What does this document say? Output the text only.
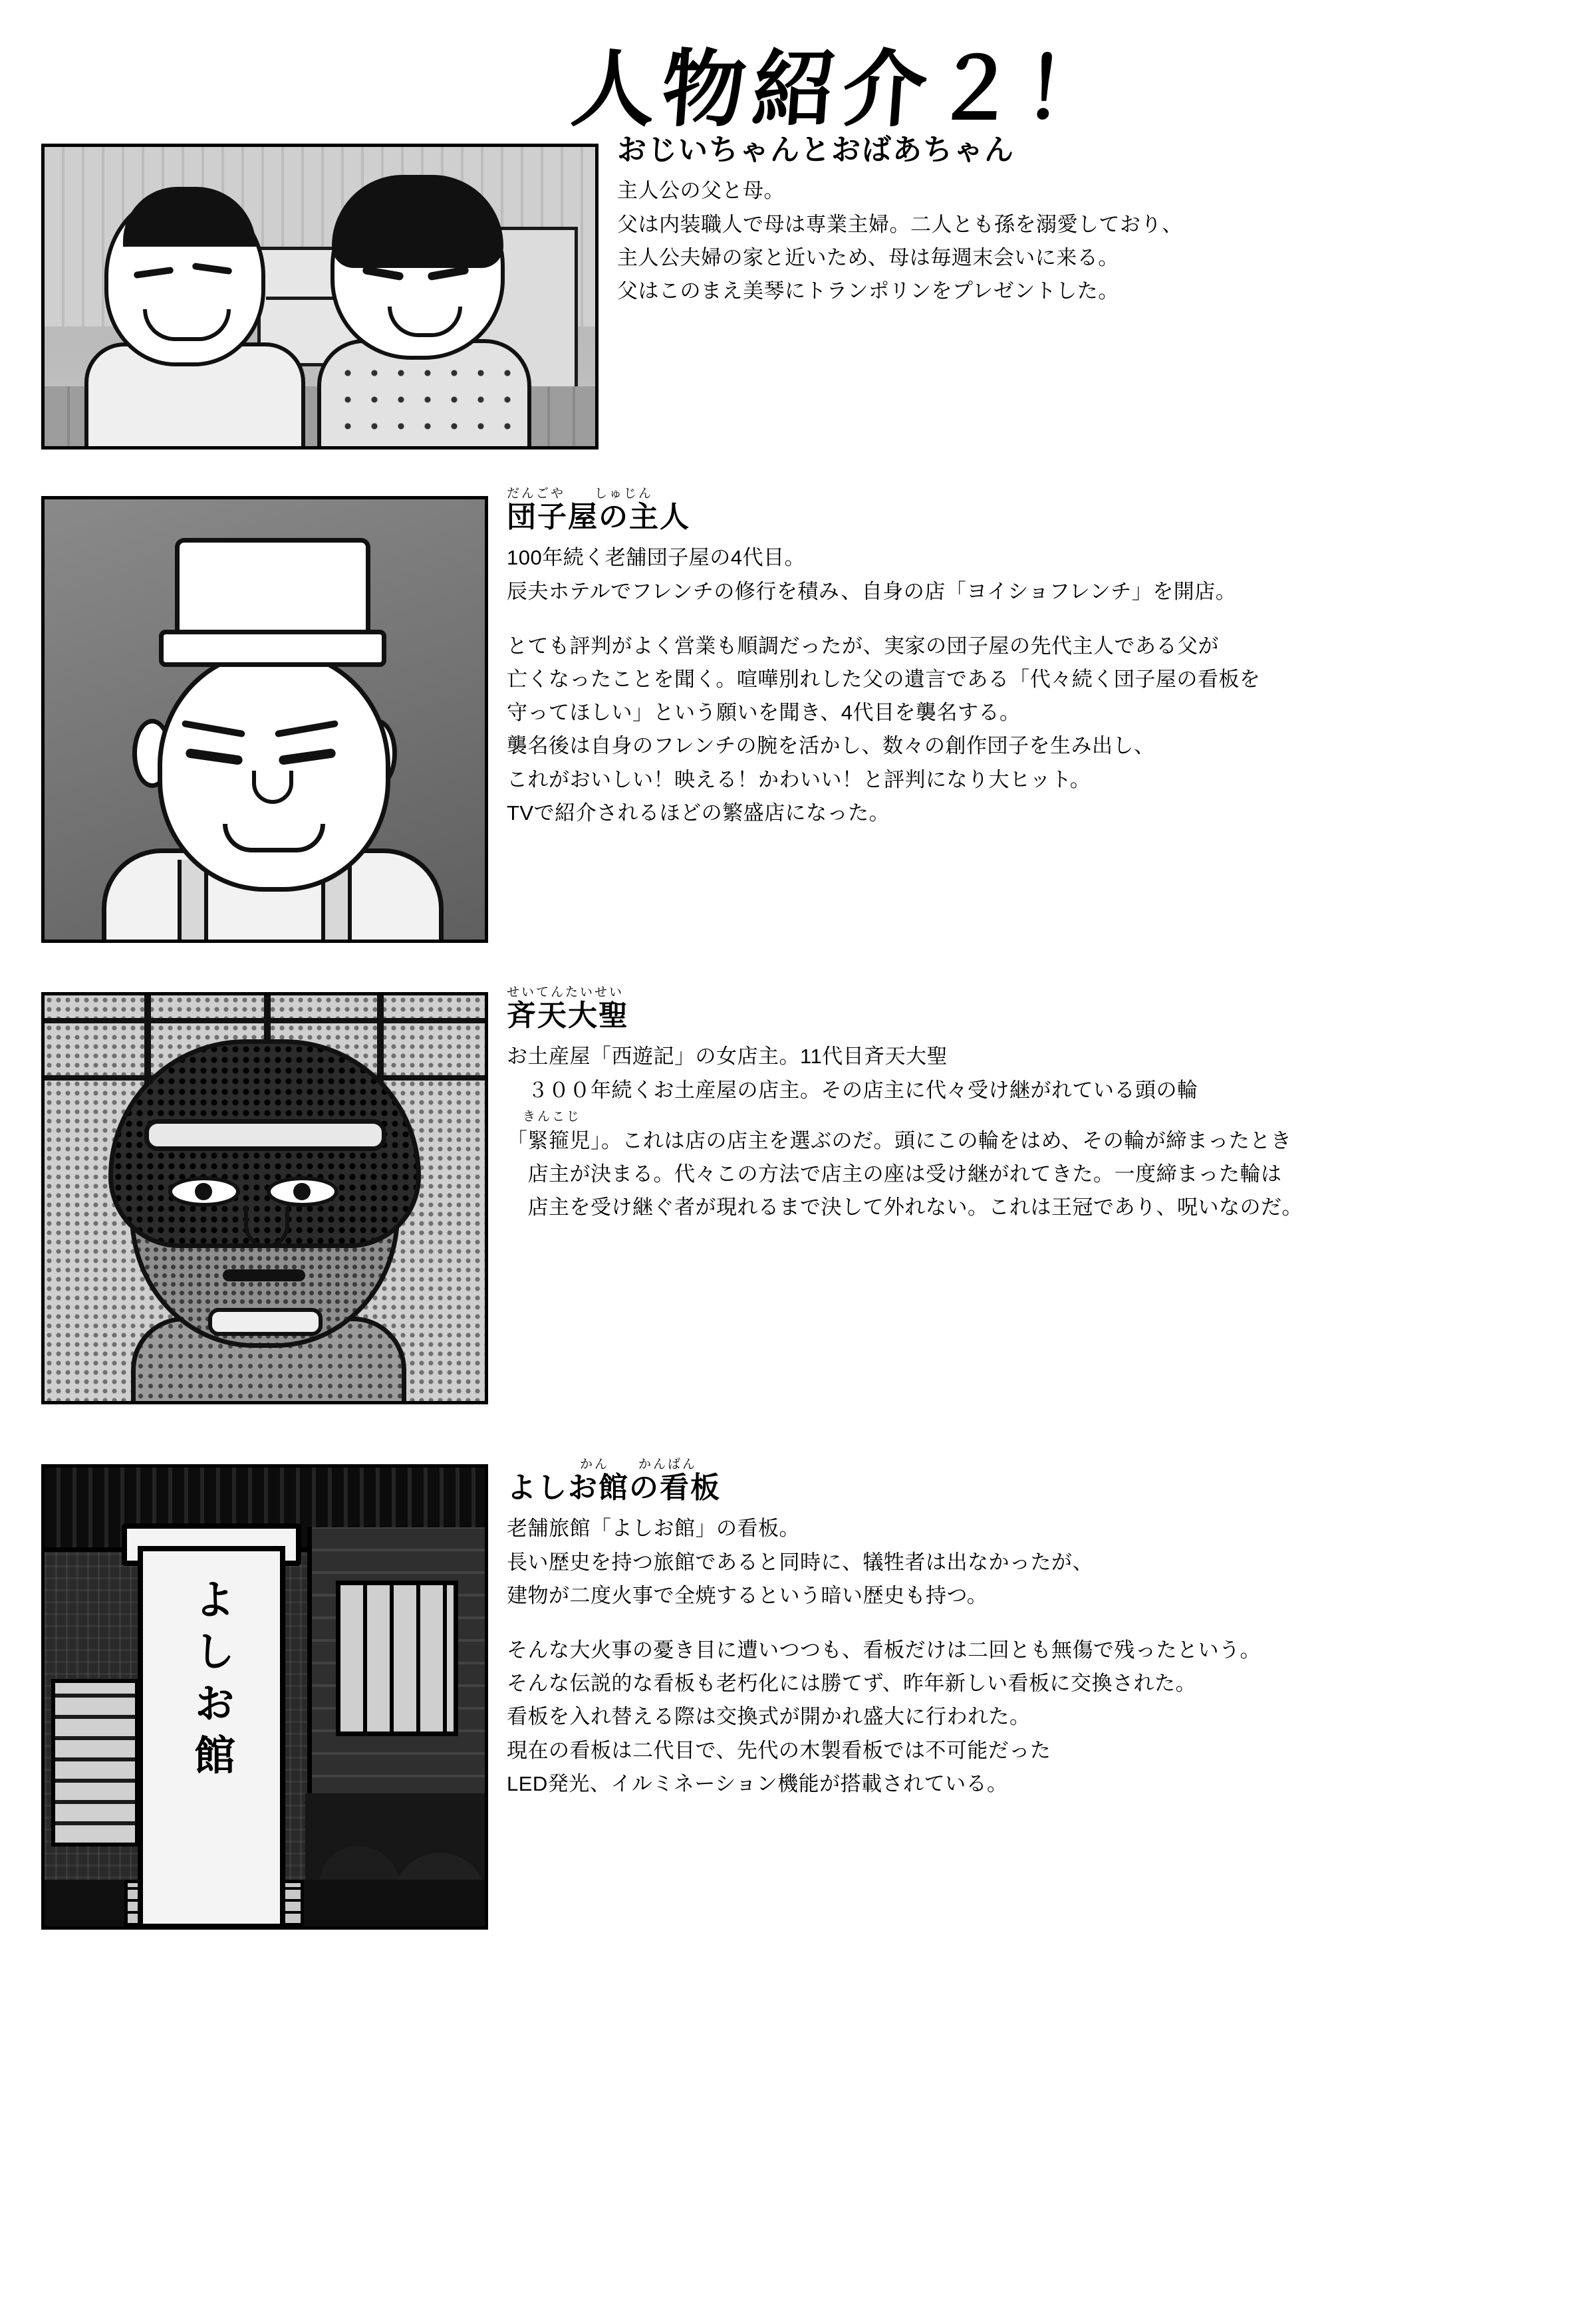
人物紹介２！
おじいちゃんとおばあちゃん
主人公の父と母。
父は内装職人で母は専業主婦。二人とも孫を溺愛しており、
主人公夫婦の家と近いため、母は毎週末会いに来る。
父はこのまえ美琴にトランポリンをプレゼントした。
だんごや　　しゅじん
団子屋の主人
100年続く老舗団子屋の4代目。
辰夫ホテルでフレンチの修行を積み、自身の店「ヨイショフレンチ」を開店。
とても評判がよく営業も順調だったが、実家の団子屋の先代主人である父が
亡くなったことを聞く。喧嘩別れした父の遺言である「代々続く団子屋の看板を
守ってほしい」という願いを聞き、4代目を襲名する。
襲名後は自身のフレンチの腕を活かし、数々の創作団子を生み出し、
これがおいしい！映える！かわいい！と評判になり大ヒット。
TVで紹介されるほどの繁盛店になった。
せいてんたいせい
斉天大聖
お土産屋「西遊記」の女店主。11代目斉天大聖
　３００年続くお土産屋の店主。その店主に代々受け継がれている頭の輪
きんこじ
「緊箍児」。これは店の店主を選ぶのだ。頭にこの輪をはめ、その輪が締まったとき
　店主が決まる。代々この方法で店主の座は受け継がれてきた。一度締まった輪は
　店主を受け継ぐ者が現れるまで決して外れない。これは王冠であり、呪いなのだ。
よしお館
かん　　かんばん
よしお館の看板
老舗旅館「よしお館」の看板。
長い歴史を持つ旅館であると同時に、犠牲者は出なかったが、
建物が二度火事で全焼するという暗い歴史も持つ。
そんな大火事の憂き目に遭いつつも、看板だけは二回とも無傷で残ったという。
そんな伝説的な看板も老朽化には勝てず、昨年新しい看板に交換された。
看板を入れ替える際は交換式が開かれ盛大に行われた。
現在の看板は二代目で、先代の木製看板では不可能だった
LED発光、イルミネーション機能が搭載されている。
